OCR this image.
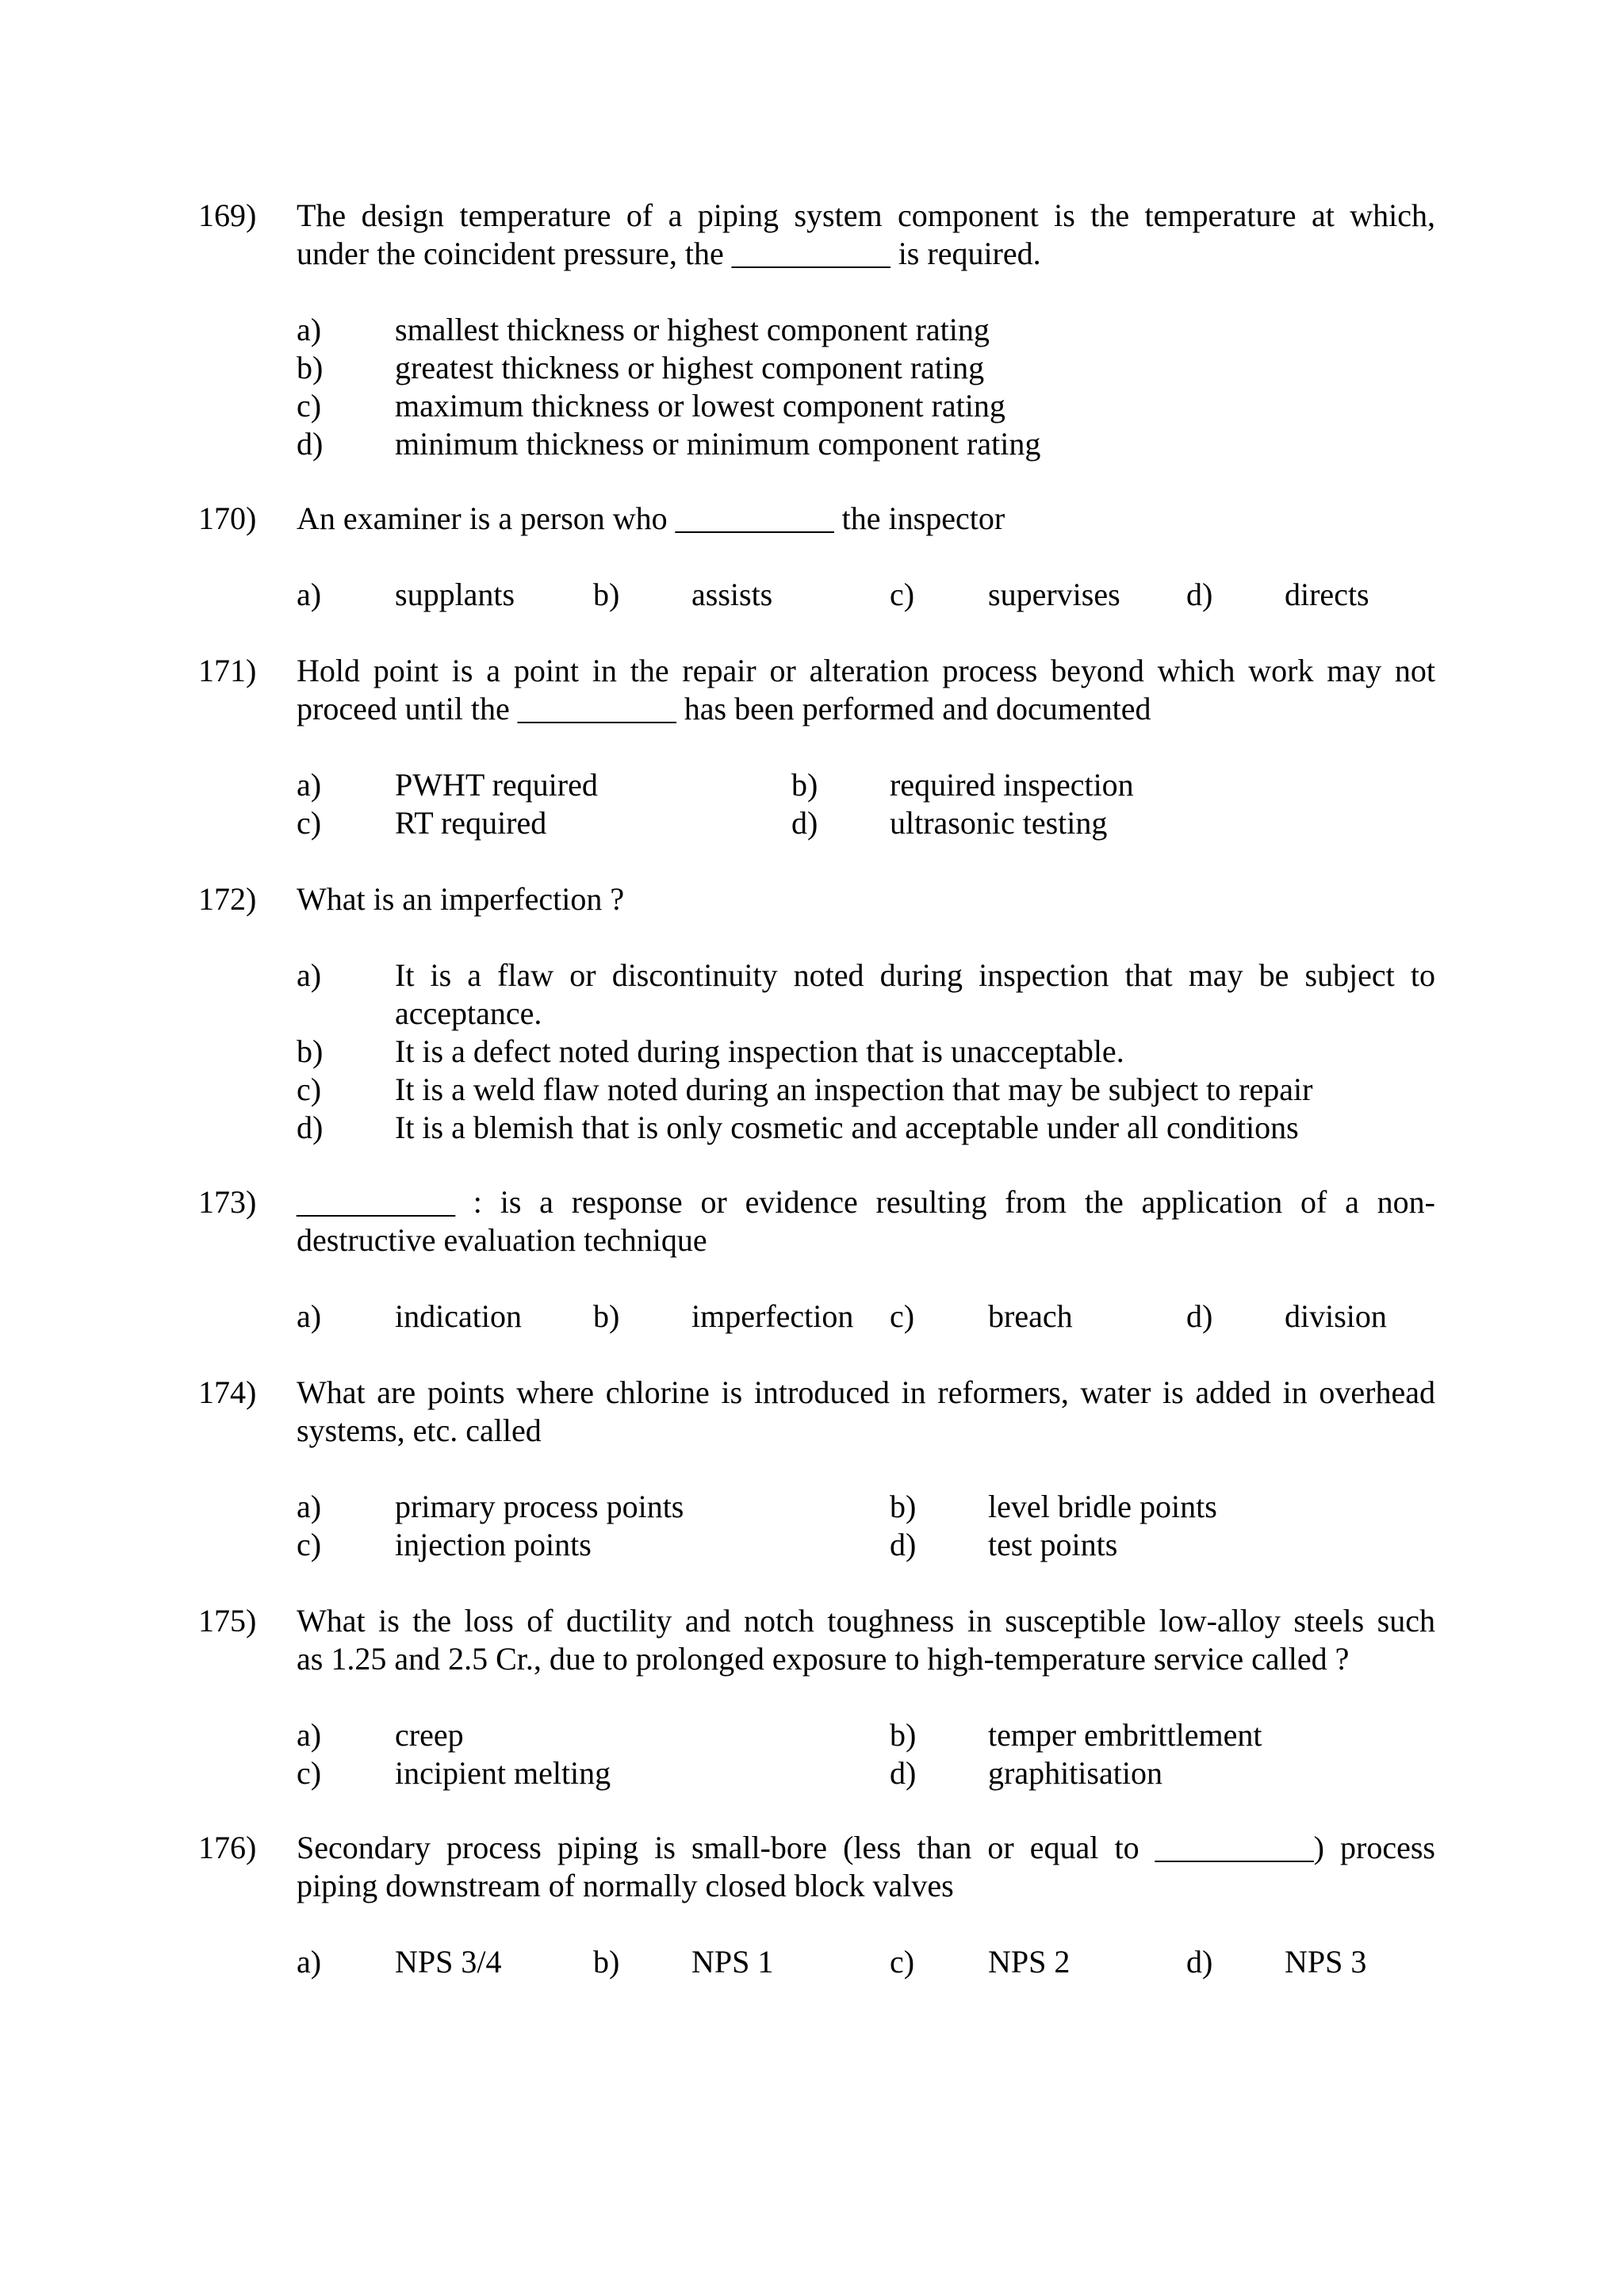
169) The design temperature of a piping system component is the temperature at which,
under the coincident pressure, the __________ is required.
a) smallest thickness or highest component rating
b) greatest thickness or highest component rating
c) maximum thickness or lowest component rating
d) minimum thickness or minimum component rating
170) An examiner is a person who __________ the inspector
a) supplants b) assists	c) supervises d) directs
171) Hold point is a point in the repair or alteration process beyond which work may not
proceed until the __________ has been performed and documented
a) PWHT required	b) required inspection
c) RT required	d) ultrasonic testing
172) What is an imperfection ?
a) It is a flaw or discontinuity noted during inspection that may be subject to
acceptance.
b) It is a defect noted during inspection that is unacceptable.
c) It is a weld flaw noted during an inspection that may be subject to repair
d) It is a blemish that is only cosmetic and acceptable under all conditions
173) __________ : is a response or evidence resulting from the application of a non-
destructive evaluation technique
a) indication b) imperfection c) breach	d) division
174) What are points where chlorine is introduced in reformers, water is added in overhead
systems, etc. called
a) primary process points	b) level bridle points
c) injection points	d) test points
175) What is the loss of ductility and notch toughness in susceptible low-alloy steels such
as 1.25 and 2.5 Cr., due to prolonged exposure to high-temperature service called ?
a) creep	b) temper embrittlement
c) incipient melting	d) graphitisation
176) Secondary process piping is small-bore (less than or equal to __________) process
piping downstream of normally closed block valves
a) NPS 3/4	b) NPS 1	c) NPS 2	d) NPS 3
